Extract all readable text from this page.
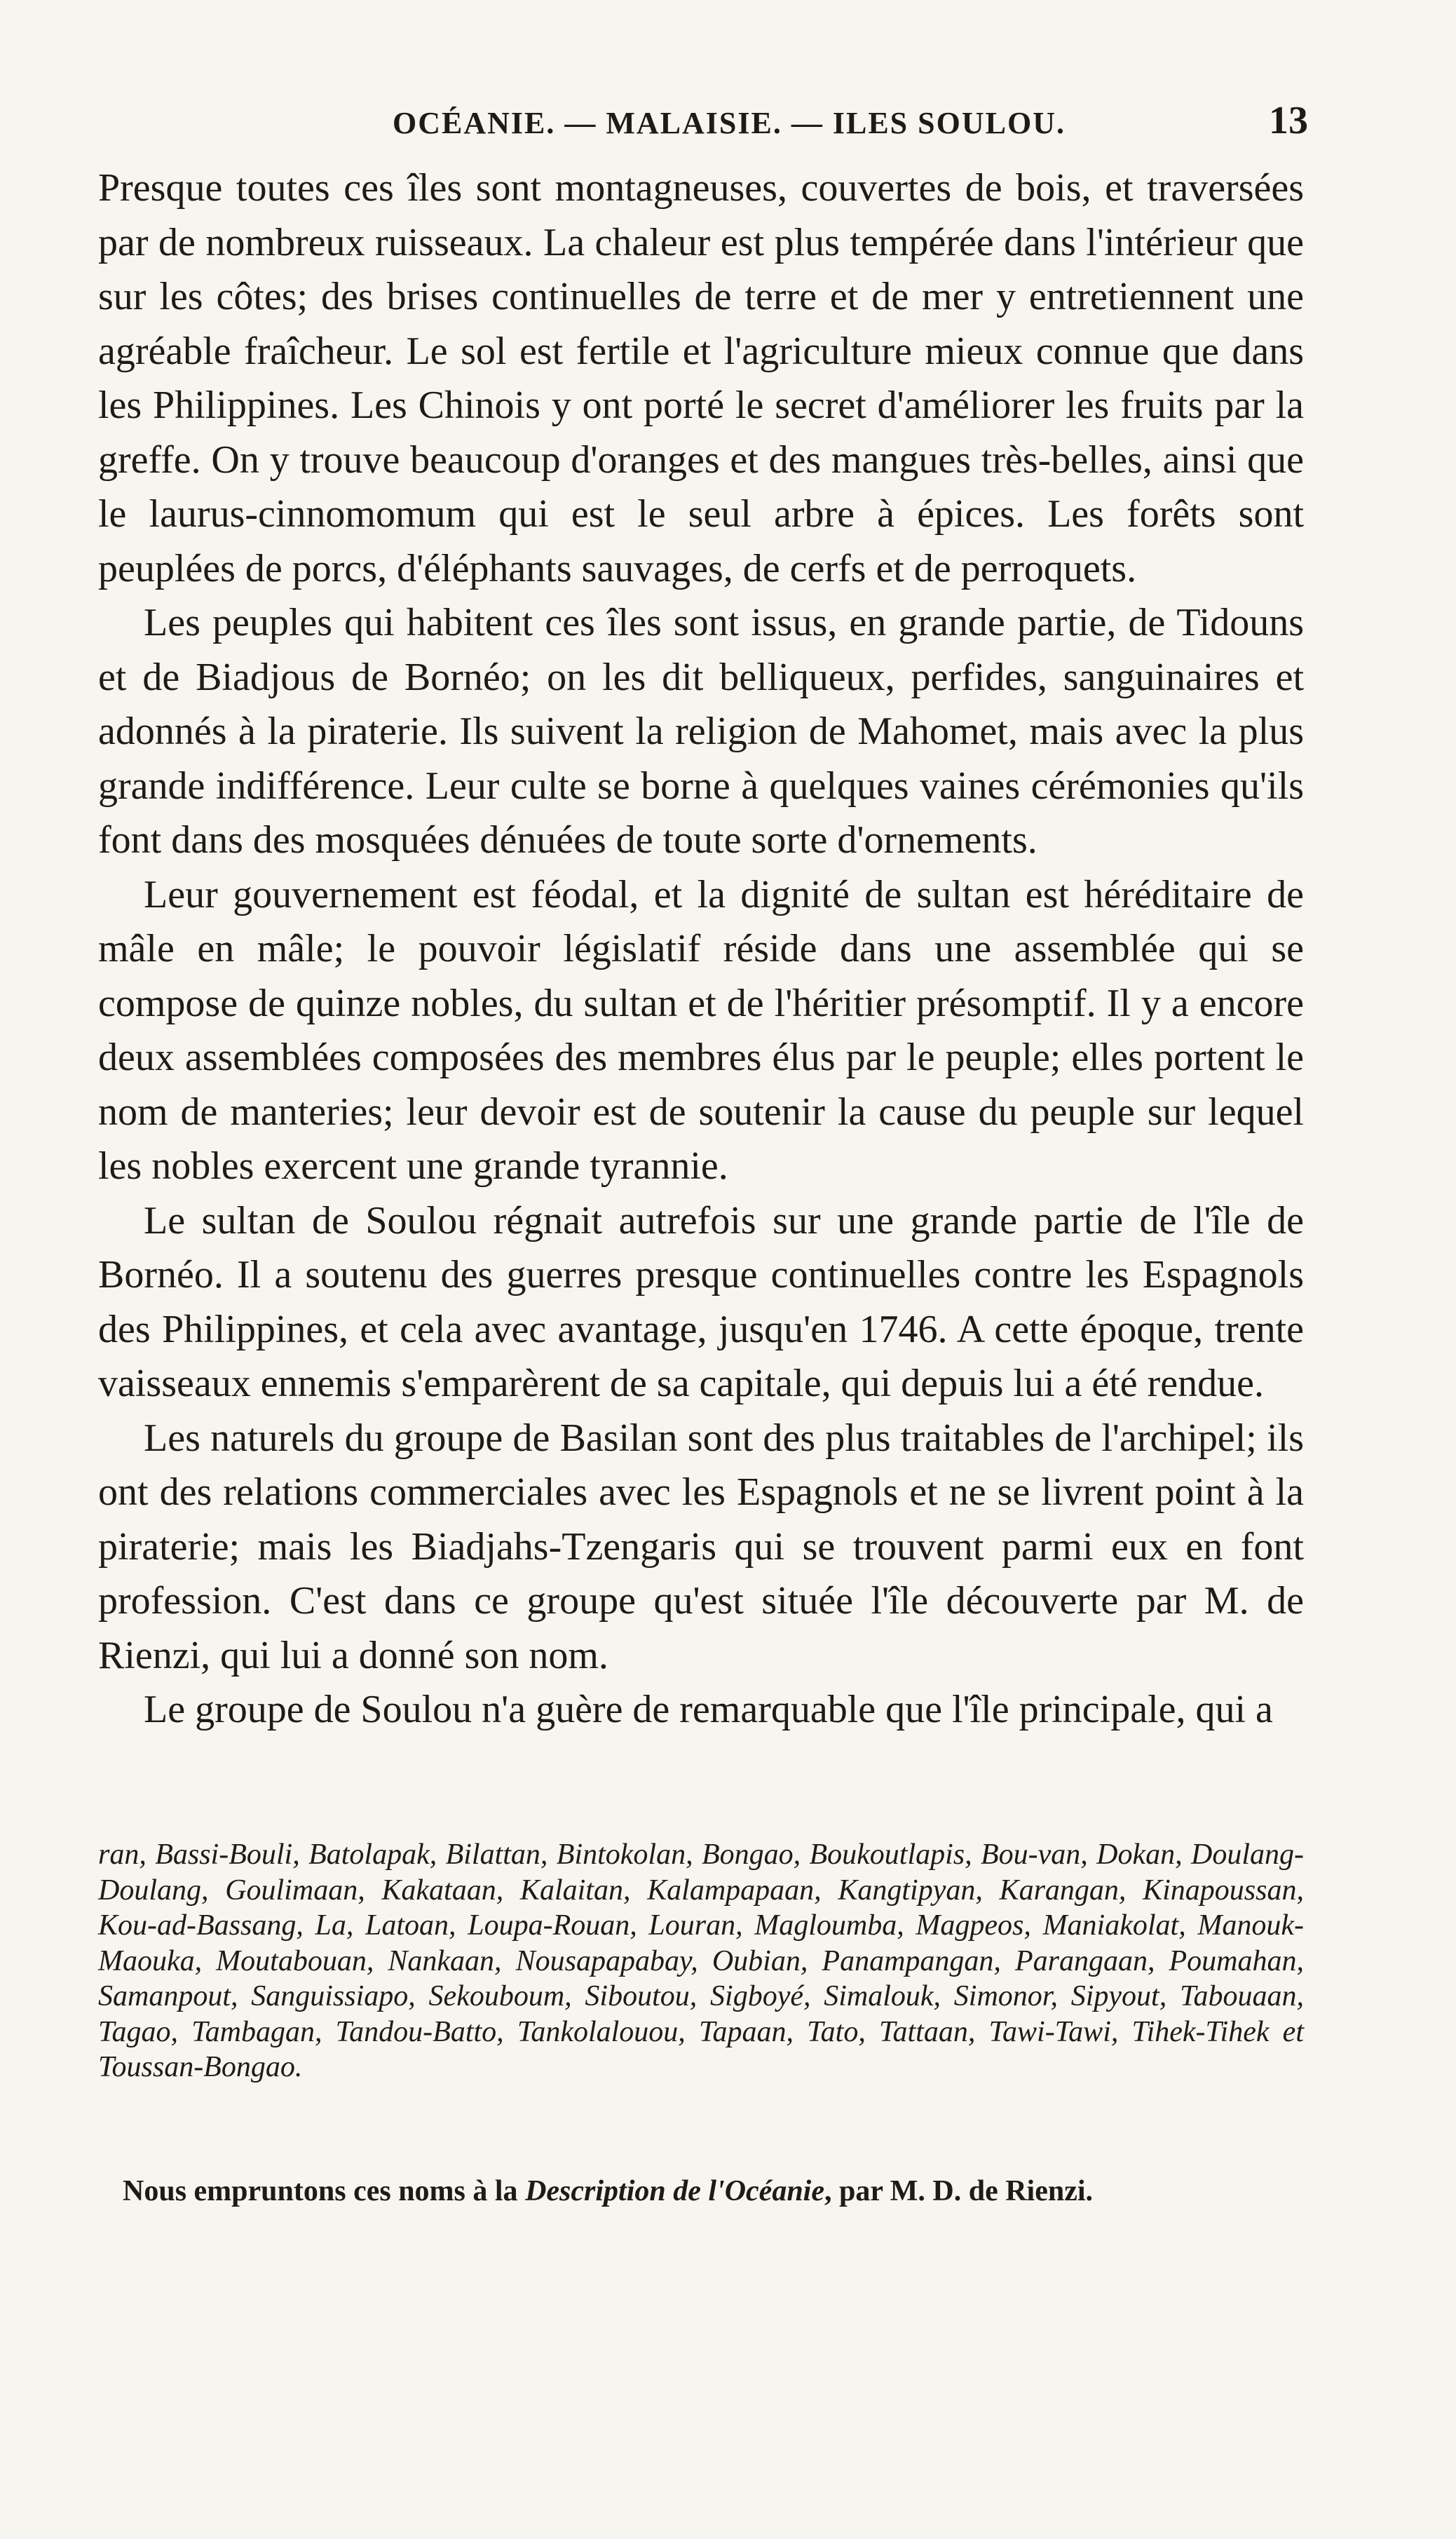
OCÉANIE. — MALAISIE. — ILES SOULOU.	13

Presque toutes ces îles sont montagneuses, couvertes de bois, et traversées par de nombreux ruisseaux. La chaleur est plus tempérée dans l'intérieur que sur les côtes; des brises continuelles de terre et de mer y entretiennent une agréable fraîcheur. Le sol est fertile et l'agriculture mieux connue que dans les Philippines. Les Chinois y ont porté le secret d'améliorer les fruits par la greffe. On y trouve beaucoup d'oranges et des mangues très-belles, ainsi que le laurus-cinnomomum qui est le seul arbre à épices. Les forêts sont peuplées de porcs, d'éléphants sauvages, de cerfs et de perroquets.

Les peuples qui habitent ces îles sont issus, en grande partie, de Tidouns et de Biadjous de Bornéo; on les dit belliqueux, perfides, sanguinaires et adonnés à la piraterie. Ils suivent la religion de Mahomet, mais avec la plus grande indifférence. Leur culte se borne à quelques vaines cérémonies qu'ils font dans des mosquées dénuées de toute sorte d'ornements.

Leur gouvernement est féodal, et la dignité de sultan est héréditaire de mâle en mâle; le pouvoir législatif réside dans une assemblée qui se compose de quinze nobles, du sultan et de l'héritier présomptif. Il y a encore deux assemblées composées des membres élus par le peuple; elles portent le nom de manteries; leur devoir est de soutenir la cause du peuple sur lequel les nobles exercent une grande tyrannie.

Le sultan de Soulou régnait autrefois sur une grande partie de l'île de Bornéo. Il a soutenu des guerres presque continuelles contre les Espagnols des Philippines, et cela avec avantage, jusqu'en 1746. A cette époque, trente vaisseaux ennemis s'emparèrent de sa capitale, qui depuis lui a été rendue.

Les naturels du groupe de Basilan sont des plus traitables de l'archipel; ils ont des relations commerciales avec les Espagnols et ne se livrent point à la piraterie; mais les Biadjahs-Tzengaris qui se trouvent parmi eux en font profession. C'est dans ce groupe qu'est située l'île découverte par M. de Rienzi, qui lui a donné son nom.

Le groupe de Soulou n'a guère de remarquable que l'île principale, qui a

ran, Bassi-Bouli, Batolapak, Bilattan, Bintokolan, Bongao, Boukoutlapis, Bou-van, Dokan, Doulang-Doulang, Goulimaan, Kakataan, Kalaitan, Kalampapaan, Kangtipyan, Karangan, Kinapoussan, Kou-ad-Bassang, La, Latoan, Loupa-Rouan, Louran, Magloumba, Magpeos, Maniakolat, Manouk-Maouka, Moutabouan, Nankaan, Nousapapabay, Oubian, Panampangan, Parangaan, Poumahan, Samanpout, Sanguissiapo, Sekouboum, Siboutou, Sigboyé, Simalouk, Simonor, Sipyout, Tabouaan, Tagao, Tambagan, Tandou-Batto, Tankolalouou, Tapaan, Tato, Tattaan, Tawi-Tawi, Tihek-Tihek et Toussan-Bongao.
Nous empruntons ces noms à la Description de l'Océanie, par M. D. de Rienzi.
